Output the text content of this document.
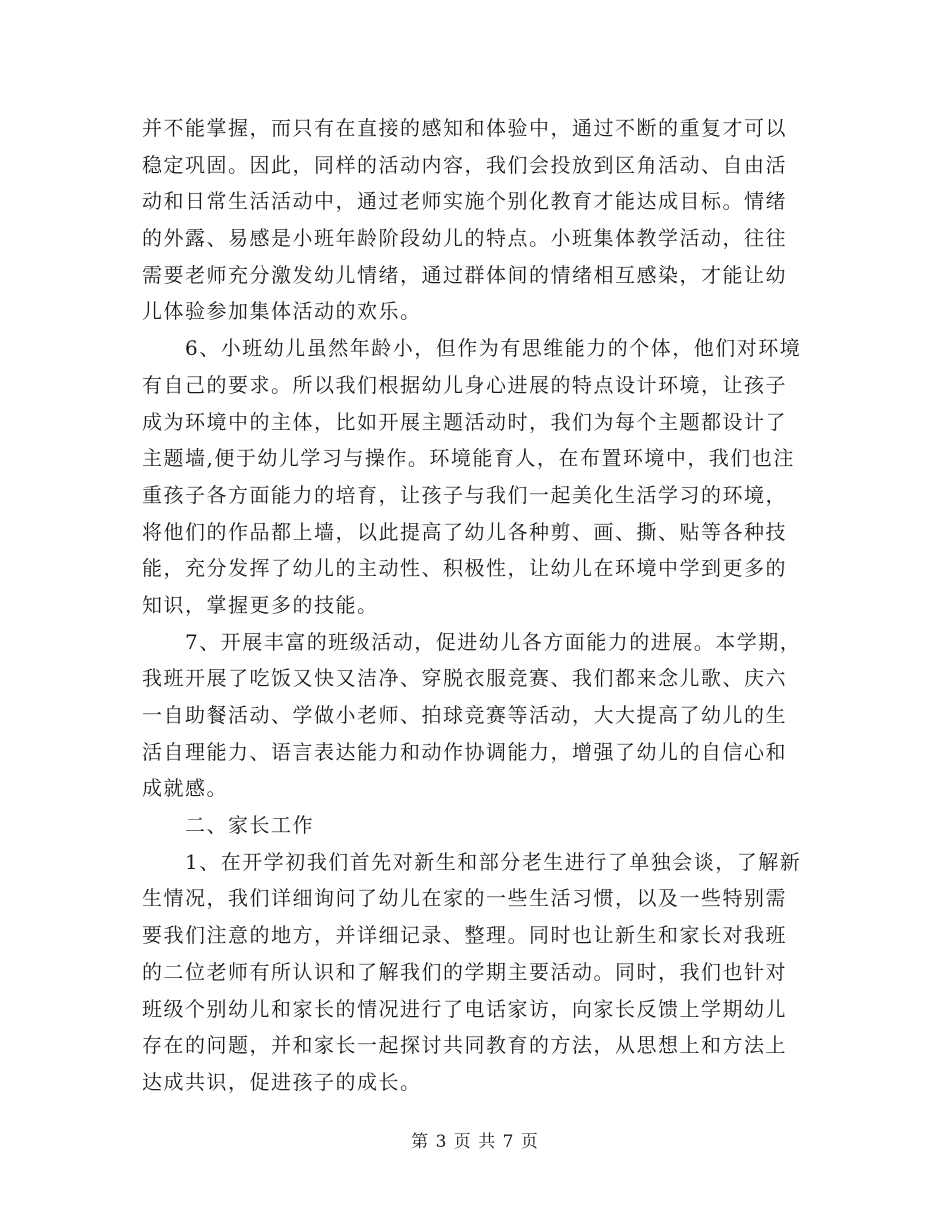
并不能掌握，而只有在直接的感知和体验中，通过不断的重复才可以
稳定巩固。因此，同样的活动内容，我们会投放到区角活动、自由活
动和日常生活活动中，通过老师实施个别化教育才能达成目标。情绪
的外露、易感是小班年龄阶段幼儿的特点。小班集体教学活动，往往
需要老师充分激发幼儿情绪，通过群体间的情绪相互感染，才能让幼
儿体验参加集体活动的欢乐。
6、小班幼儿虽然年龄小，但作为有思维能力的个体，他们对环境
有自己的要求。所以我们根据幼儿身心进展的特点设计环境，让孩子
成为环境中的主体，比如开展主题活动时，我们为每个主题都设计了
主题墙,便于幼儿学习与操作。环境能育人，在布置环境中，我们也注
重孩子各方面能力的培育，让孩子与我们一起美化生活学习的环境，
将他们的作品都上墙，以此提高了幼儿各种剪、画、撕、贴等各种技
能，充分发挥了幼儿的主动性、积极性，让幼儿在环境中学到更多的
知识，掌握更多的技能。
7、开展丰富的班级活动，促进幼儿各方面能力的进展。本学期，
我班开展了吃饭又快又洁净、穿脱衣服竞赛、我们都来念儿歌、庆六
一自助餐活动、学做小老师、拍球竞赛等活动，大大提高了幼儿的生
活自理能力、语言表达能力和动作协调能力，增强了幼儿的自信心和
成就感。
二、家长工作
1、在开学初我们首先对新生和部分老生进行了单独会谈，了解新
生情况，我们详细询问了幼儿在家的一些生活习惯，以及一些特别需
要我们注意的地方，并详细记录、整理。同时也让新生和家长对我班
的二位老师有所认识和了解我们的学期主要活动。同时，我们也针对
班级个别幼儿和家长的情况进行了电话家访，向家长反馈上学期幼儿
存在的问题，并和家长一起探讨共同教育的方法，从思想上和方法上
达成共识，促进孩子的成长。
第 3 页 共 7 页
